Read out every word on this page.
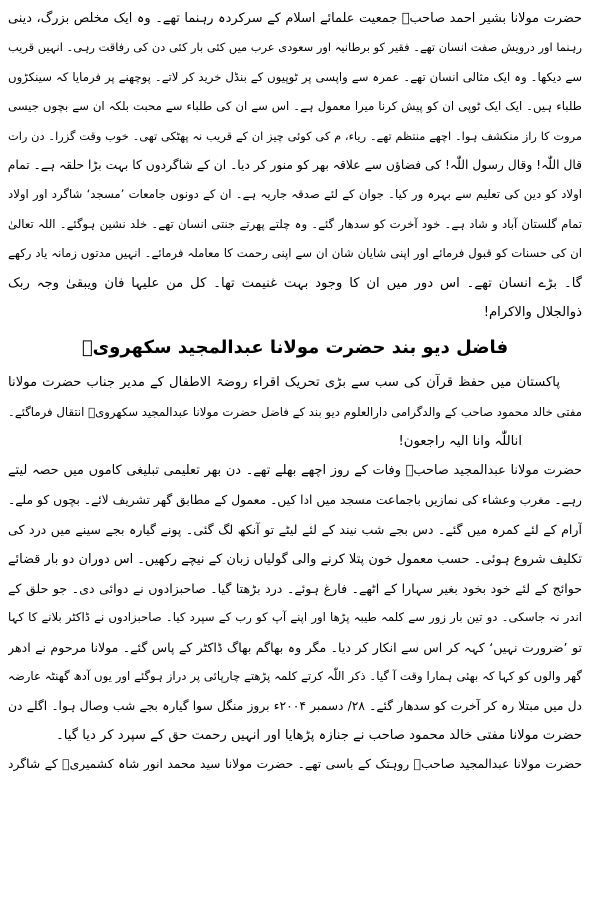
حضرت مولانا بشیر احمد صاحبؒ جمعیت علمائے اسلام کے سرکردہ رہنما تھے۔ وہ ایک مخلص بزرگ، دینی
رہنما اور درویش صفت انسان تھے۔ فقیر کو برطانیہ اور سعودی عرب میں کئی بار کئی دن کی رفاقت رہی۔ انہیں قریب
سے دیکھا۔ وہ ایک مثالی انسان تھے۔ عمرہ سے واپسی پر ٹوپیوں کے بنڈل خرید کر لاتے۔ پوچھنے پر فرمایا کہ سینکڑوں
طلباء ہیں۔ ایک ایک ٹوپی ان کو پیش کرنا میرا معمول ہے۔ اس سے ان کی طلباء سے محبت بلکہ ان سے بچوں جیسی
مروت کا راز منکشف ہوا۔ اچھے منتظم تھے۔ ریاء، م کی کوئی چیز ان کے قریب نہ پھٹکی تھی۔ خوب وقت گزرا۔ دن رات
قال اللّٰہ! وقال رسول اللّٰہ! کی فضاؤں سے علاقہ بھر کو منور کر دیا۔ ان کے شاگردوں کا بہت بڑا حلقہ ہے۔ تمام
اولاد کو دین کی تعلیم سے بہرہ ور کیا۔ جوان کے لئے صدقہ جاریہ ہے۔ ان کے دونوں جامعات ’مسجد‘ شاگرد اور اولاد
تمام گلستان آباد و شاد ہے۔ خود آخرت کو سدھار گئے۔ وہ چلتے پھرتے جنتی انسان تھے۔ خلد نشین ہوگئے۔ اللہ تعالیٰ
ان کی حسنات کو قبول فرمائے اور اپنی شایان شان ان سے اپنی رحمت کا معاملہ فرمائے۔ انہیں مدتوں زمانہ یاد رکھے
گا۔ بڑے انسان تھے۔ اس دور میں ان کا وجود بہت غنیمت تھا۔ کل من علیہا فان ویبقیٰ وجہ ربک
ذوالجلال والاکرام!
فاضل دیو بند حضرت مولانا عبدالمجید سکھرویؒ
پاکستان میں حفظ قرآن کی سب سے بڑی تحریک اقراء روضۃ الاطفال کے مدیر جناب حضرت مولانا
مفتی خالد محمود صاحب کے والدگرامی دارالعلوم دیو بند کے فاضل حضرت مولانا عبدالمجید سکھرویؒ انتقال فرماگئے۔
اناللّٰہ وانا الیہ راجعون!
حضرت مولانا عبدالمجید صاحبؒ وفات کے روز اچھے بھلے تھے۔ دن بھر تعلیمی تبلیغی کاموں میں حصہ لیتے
رہے۔ مغرب وعشاء کی نمازیں باجماعت مسجد میں ادا کیں۔ معمول کے مطابق گھر تشریف لائے۔ بچوں کو ملے۔
آرام کے لئے کمرہ میں گئے۔ دس بجے شب نیند کے لئے لیٹے تو آنکھ لگ گئی۔ پونے گیارہ بجے سینے میں درد کی
تکلیف شروع ہوئی۔ حسب معمول خون پتلا کرنے والی گولیاں زبان کے نیچے رکھیں۔ اس دوران دو بار قضائے
حوائج کے لئے خود بخود بغیر سہارا کے اٹھے۔ فارغ ہوئے۔ درد بڑھتا گیا۔ صاحبزادوں نے دوائی دی۔ جو حلق کے
اندر نہ جاسکی۔ دو تین بار زور سے کلمہ طیبہ پڑھا اور اپنے آپ کو رب کے سپرد کیا۔ صاحبزادوں نے ڈاکٹر بلانے کا کہا
تو ’ضرورت نہیں‘ کہہ کر اس سے انکار کر دیا۔ مگر وہ بھاگم بھاگ ڈاکٹر کے پاس گئے۔ مولانا مرحوم نے ادھر
گھر والوں کو کہا کہ بھئی ہمارا وقت آ گیا۔ ذکر اللّٰہ کرتے کلمہ پڑھتے چارپائی پر دراز ہوگئے اور یوں آدھ گھنٹہ عارضہ
دل میں مبتلا رہ کر آخرت کو سدھار گئے۔ ۲۸/ دسمبر ۲۰۰۴ء بروز منگل سوا گیارہ بجے شب وصال ہوا۔ اگلے دن
حضرت مولانا مفتی خالد محمود صاحب نے جنازہ پڑھایا اور انہیں رحمت حق کے سپرد کر دیا گیا۔
حضرت مولانا عبدالمجید صاحبؒ روہتک کے باسی تھے۔ حضرت مولانا سید محمد انور شاہ کشمیریؒ کے شاگرد
